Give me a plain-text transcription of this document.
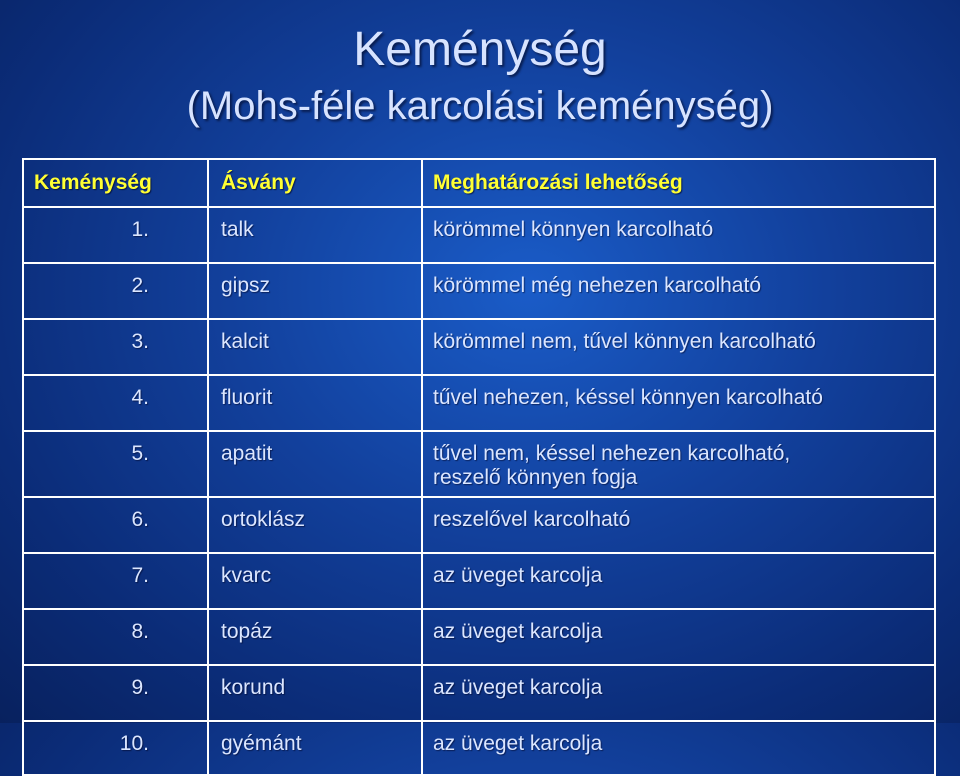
Keménység
(Mohs-féle karcolási keménység)
Keménység	Ásvány	Meghatározási lehetőség
1.	talk	körömmel könnyen karcolható
2.	gipsz	körömmel még nehezen karcolható
3.	kalcit	körömmel nem, tűvel könnyen karcolható
4.	fluorit	tűvel nehezen, késsel könnyen karcolható
5.	apatit	tűvel nem, késsel nehezen karcolható,
reszelő könnyen fogja

6.	ortoklász	reszelővel karcolható
7.	kvarc	az üveget karcolja
8.	topáz	az üveget karcolja
9.	korund	az üveget karcolja
10.	gyémánt	az üveget karcolja
